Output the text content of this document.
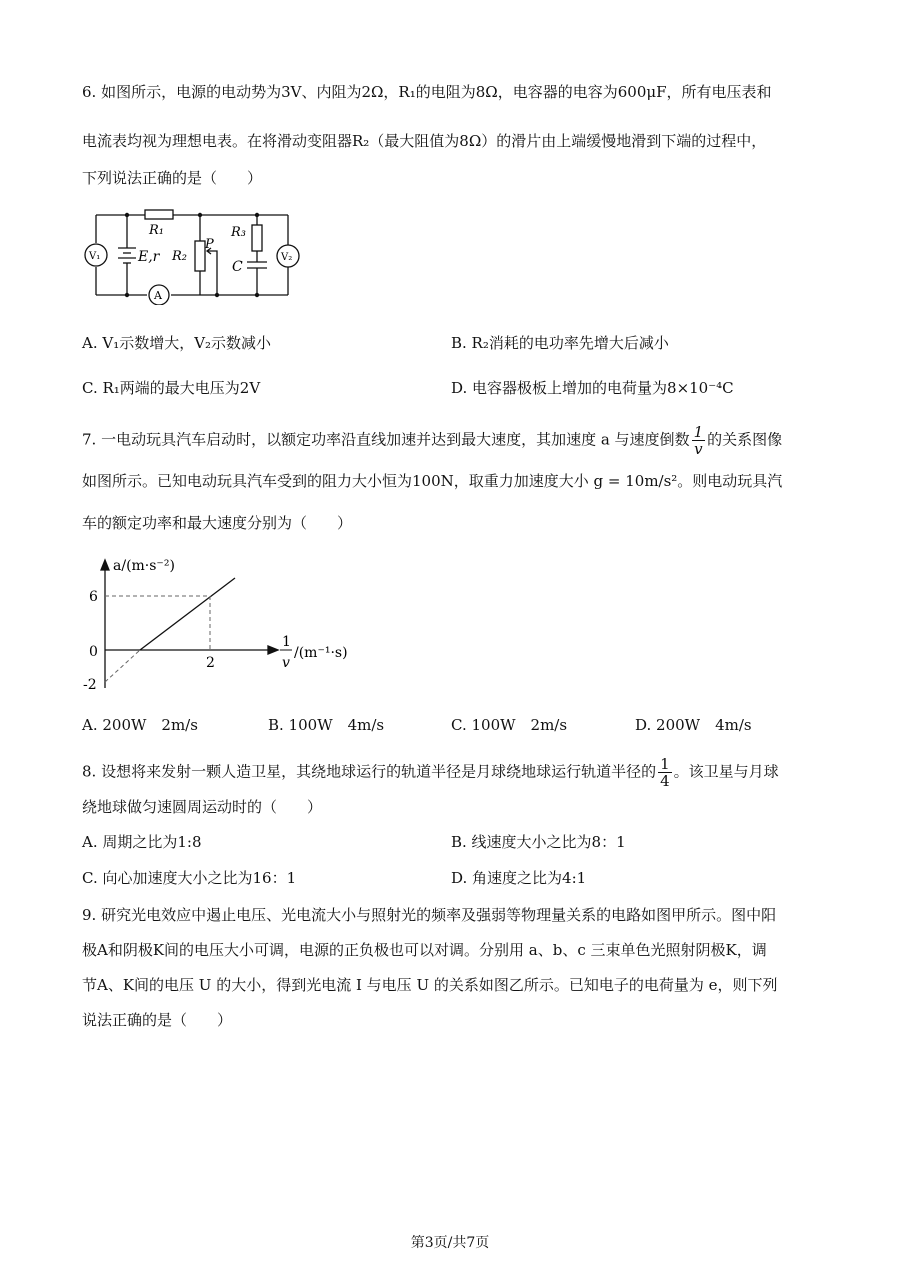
6. 如图所示，电源的电动势为3V、内阻为2Ω，R₁的电阻为8Ω，电容器的电容为600μF，所有电压表和
电流表均视为理想电表。在将滑动变阻器R₂（最大阻值为8Ω）的滑片由上端缓慢地滑到下端的过程中，
下列说法正确的是（　　）
R₁
R₂
R₃
P
C
E,r
V₁	V₂
A
A. V₁示数增大，V₂示数减小	B. R₂消耗的电功率先增大后减小
C. R₁两端的最大电压为2V	D. 电容器极板上增加的电荷量为8×10⁻⁴C
7. 一电动玩具汽车启动时，以额定功率沿直线加速并达到最大速度，其加速度 a 与速度倒数 $\frac{1}{v}$ 的关系图像
如图所示。已知电动玩具汽车受到的阻力大小恒为100N，取重力加速度大小 g = 10m/s²。则电动玩具汽
车的额定功率和最大速度分别为（　　）
a/(m·s⁻²)
6
0
-2
2
1
v
/(m⁻¹·s)
A. 200W　2m/s	B. 100W　4m/s	C. 100W　2m/s	D. 200W　4m/s
8. 设想将来发射一颗人造卫星，其绕地球运行的轨道半径是月球绕地球运行轨道半径的 $\frac{1}{4}$ 。该卫星与月球
绕地球做匀速圆周运动时的（　　）
A. 周期之比为1:8	B. 线速度大小之比为8：1
C. 向心加速度大小之比为16：1	D. 角速度之比为4:1
9. 研究光电效应中遏止电压、光电流大小与照射光的频率及强弱等物理量关系的电路如图甲所示。图中阳
极A和阴极K间的电压大小可调，电源的正负极也可以对调。分别用 a、b、c 三束单色光照射阴极K，调
节A、K间的电压 U 的大小，得到光电流 I 与电压 U 的关系如图乙所示。已知电子的电荷量为 e，则下列
说法正确的是（　　）
第3页/共7页
